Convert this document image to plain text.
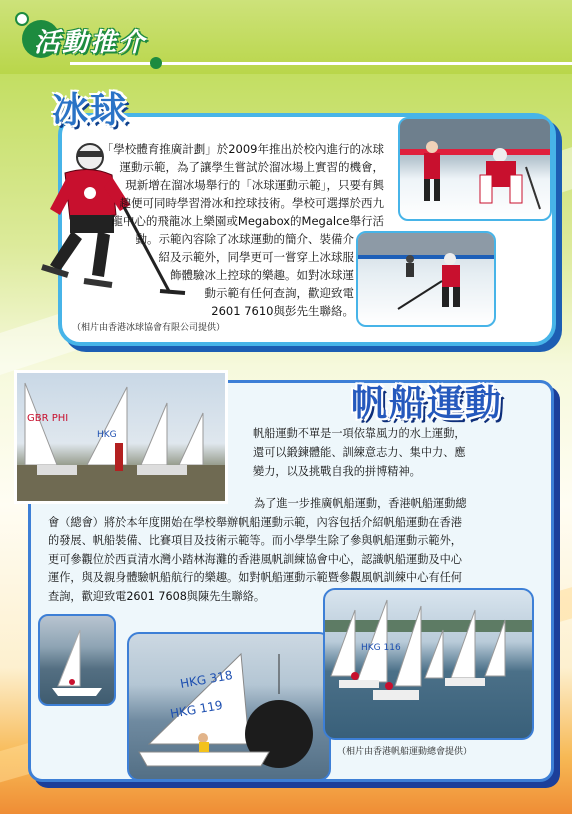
活動推介
冰球
「學校體育推廣計劃」於2009年推出於校內進行的冰球
運動示範，為了讓學生嘗試於溜冰場上實習的機會，
現新增在溜冰場舉行的「冰球運動示範」，只要有興
趣便可同時學習滑冰和控球技術。學校可選擇於西九
龍中心的飛龍冰上樂園或Megabox的Megalce舉行活
動。示範內容除了冰球運動的簡介、裝備介
紹及示範外，同學更可一嘗穿上冰球服
飾體驗冰上控球的樂趣。如對冰球運
動示範有任何查詢，歡迎致電
2601 7610與彭先生聯絡。
（相片由香港冰球協會有限公司提供）
GBR PHI
HKG
帆船運動
帆船運動不單是一項依靠風力的水上運動，
還可以鍛鍊體能、訓練意志力、集中力、應
變力，以及挑戰自我的拼博精神。
為了進一步推廣帆船運動，香港帆船運動總
會（總會）將於本年度開始在學校舉辦帆船運動示範，內容包括介紹帆船運動在香港
的發展、帆船裝備、比賽項目及技術示範等。而小學學生除了參與帆船運動示範外，
更可參觀位於西貢清水灣小踏林海灘的香港風帆訓練協會中心，認識帆船運動及中心
運作，與及親身體驗帆船航行的樂趣。如對帆船運動示範暨參觀風帆訓練中心有任何
查詢，歡迎致電2601 7608與陳先生聯絡。
HKG 318
HKG 119
HKG 116
（相片由香港帆船運動總會提供）
